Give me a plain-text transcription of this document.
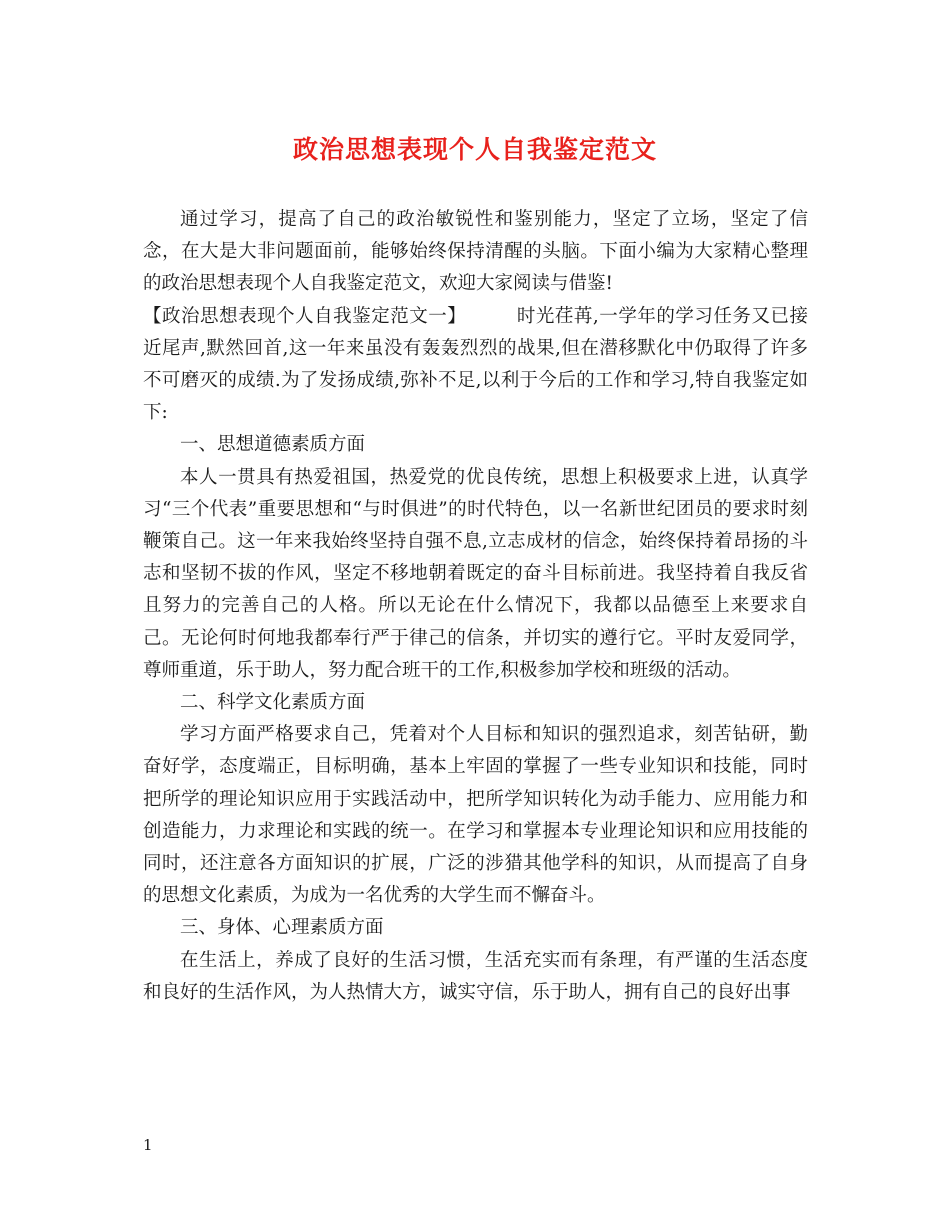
政治思想表现个人自我鉴定范文

通过学习，提高了自己的政治敏锐性和鉴别能力，坚定了立场，坚定了信念，在大是大非问题面前，能够始终保持清醒的头脑。下面小编为大家精心整理的政治思想表现个人自我鉴定范文，欢迎大家阅读与借鉴!

【政治思想表现个人自我鉴定范文一】	时光荏苒,一学年的学习任务又已接近尾声,默然回首,这一年来虽没有轰轰烈烈的战果,但在潜移默化中仍取得了许多不可磨灭的成绩.为了发扬成绩,弥补不足,以利于今后的工作和学习,特自我鉴定如下:

一、思想道德素质方面

本人一贯具有热爱祖国，热爱党的优良传统，思想上积极要求上进，认真学习“三个代表”重要思想和“与时俱进”的时代特色，以一名新世纪团员的要求时刻鞭策自己。这一年来我始终坚持自强不息,立志成材的信念，始终保持着昂扬的斗志和坚韧不拔的作风，坚定不移地朝着既定的奋斗目标前进。我坚持着自我反省且努力的完善自己的人格。所以无论在什么情况下，我都以品德至上来要求自己。无论何时何地我都奉行严于律己的信条，并切实的遵行它。平时友爱同学，尊师重道，乐于助人，努力配合班干的工作,积极参加学校和班级的活动。

二、科学文化素质方面

学习方面严格要求自己，凭着对个人目标和知识的强烈追求，刻苦钻研，勤奋好学，态度端正，目标明确，基本上牢固的掌握了一些专业知识和技能，同时把所学的理论知识应用于实践活动中，把所学知识转化为动手能力、应用能力和创造能力，力求理论和实践的统一。在学习和掌握本专业理论知识和应用技能的同时，还注意各方面知识的扩展，广泛的涉猎其他学科的知识，从而提高了自身的思想文化素质，为成为一名优秀的大学生而不懈奋斗。

三、身体、心理素质方面

在生活上，养成了良好的生活习惯，生活充实而有条理，有严谨的生活态度和良好的生活作风，为人热情大方，诚实守信，乐于助人，拥有自己的良好出事

1
